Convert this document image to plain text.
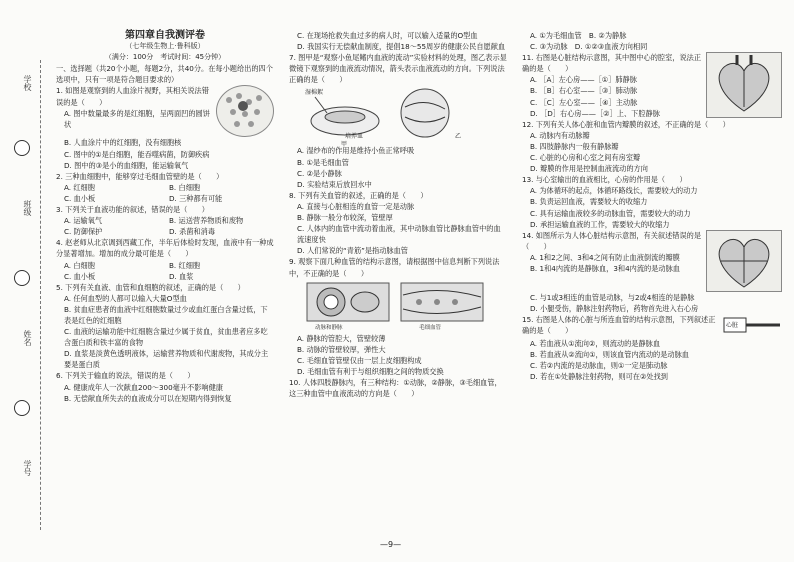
学校
班级
姓名
学号

第四章自我测评卷

（七年级生物上·鲁科版）

（满分：100分　考试时间：45分钟）

一、选择题（共20个小题，每题2分，共40分。在每小题给出的四个选项中，只有一项是符合题目要求的）

1. 如图是观察到的人血涂片视野，其相关说法错误的是（　　）

A. 图中数量最多的是红细胞，呈两面凹的圆饼状

B. 人血涂片中的红细胞，没有细胞核

C. 图中的①是白细胞，能吞噬病菌，防御疾病

D. 图中的③是小的血细胞，能运输氧气

2. 三种血细胞中，能够穿过毛细血管壁的是（　　）

A. 红细胞	B. 白细胞
C. 血小板	D. 三种都有可能

3. 下列关于血液功能的叙述，错误的是（　　）

A. 运输氧气	B. 运送营养物质和废物
C. 防御保护	D. 杀菌和消毒

4. 赵老师从北京调到西藏工作，半年后体检时发现，血液中有一种成分显著增加。增加的成分最可能是（　　）

A. 白细胞	B. 红细胞
C. 血小板	D. 血浆

5. 下列有关血液、血管和血细胞的叙述，正确的是（　　）

A. 任何血型的人都可以输入大量O型血

B. 贫血症患者的血液中红细胞数量过少或血红蛋白含量过低，下表是红色的红细胞

C. 血液的运输功能中红细胞含量过少属于贫血，贫血患者应多吃含蛋白质和铁丰富的食物

D. 血浆是淡黄色透明液体，运输营养物质和代谢废物，其成分主要是蛋白质

6. 下列关于输血的说法，错误的是（　　）

A. 健康成年人一次献血200～300毫升不影响健康

B. 无偿献血所失去的血液成分可以在短期内得到恢复

C. 在现场抢救失血过多的病人时，可以输入适量的O型血

D. 我国实行无偿献血制度，提倡18～55周岁的健康公民自愿献血

7. 图甲是“观察小鱼尾鳍内血液的流动”实验材料的处理，图乙表示显微镜下观察到的血液流动情况，箭头表示血液流动的方向。下列说法正确的是（　　）

湿棉絮
培养皿
甲
乙

A. 湿纱布的作用是维持小鱼正常呼吸

B. ①是毛细血管

C. ②是小静脉

D. 实验结束后放回水中

8. 下列有关血管的叙述，正确的是（　　）

A. 直接与心脏相连的血管一定是动脉

B. 静脉一般分布较深，管壁厚

C. 人体内的血管中流动着血液，其中动脉血管比静脉血管中的血流速度快

D. 人们常说的“青筋”是指动脉血管

9. 观察下面几种血管的结构示意图，请根据图中信息判断下列说法中，不正确的是（　　）

动脉和静脉	毛细血管

A. 静脉的管腔大，管壁较薄

B. 动脉的管壁较厚，弹性大

C. 毛细血管管壁仅由一层上皮细胞构成

D. 毛细血管有利于与组织细胞之间的物质交换

10. 人体四肢静脉内，有三种结构：①动脉，②静脉，③毛细血管，这三种血管中血液流动的方向是（　　）

A. ①为毛细血管　B. ②为静脉

C. ③为动脉　D. ①②③血液方向相同

11. 右图是心脏结构示意图，其中图中心的腔室，说法正确的是（　　）

A. ［A］左心房——［①］肺静脉

B. ［B］右心室——［③］肺动脉

C. ［C］左心室——［④］主动脉

D. ［D］右心房——［②］上、下腔静脉

12. 下列有关人体心脏和血管内瓣膜的叙述，不正确的是（　　）

A. 动脉内有动脉瓣

B. 四肢静脉内一般有静脉瓣

C. 心脏的心房和心室之间有房室瓣

D. 瓣膜的作用是控制血液流动的方向

13. 与心室输出的血液相比，心房的作用是（　　）

A. 为体循环的起点，体循环路线长，需要较大的动力

B. 负责运回血液，需要较大的收缩力

C. 具有运输血液较多的动脉血管，需要较大的动力

D. 承担运输血液的工作，需要较大的收缩力

14. 如图所示为人体心脏结构示意图，有关叙述错误的是（　　）

A. 1和2之间、3和4之间有防止血液倒流的瓣膜

B. 1和4内流的是静脉血，3和4内流的是动脉血

C. 与1或3相连的血管是动脉，与2或4相连的是静脉

D. 小腿受伤，静脉注射药物后，药物首先进入右心房

15. 右图是人体的心脏与所连血管的结构示意图，下列叙述正确的是（　　）

心脏

A. 若血液从①流向②，则流动的是静脉血

B. 若血液从②流向①，则该血管内流动的是动脉血

C. 若②内流的是动脉血，则①一定是肺动脉

D. 若在①处静脉注射药物，则可在②处找到

—9—
